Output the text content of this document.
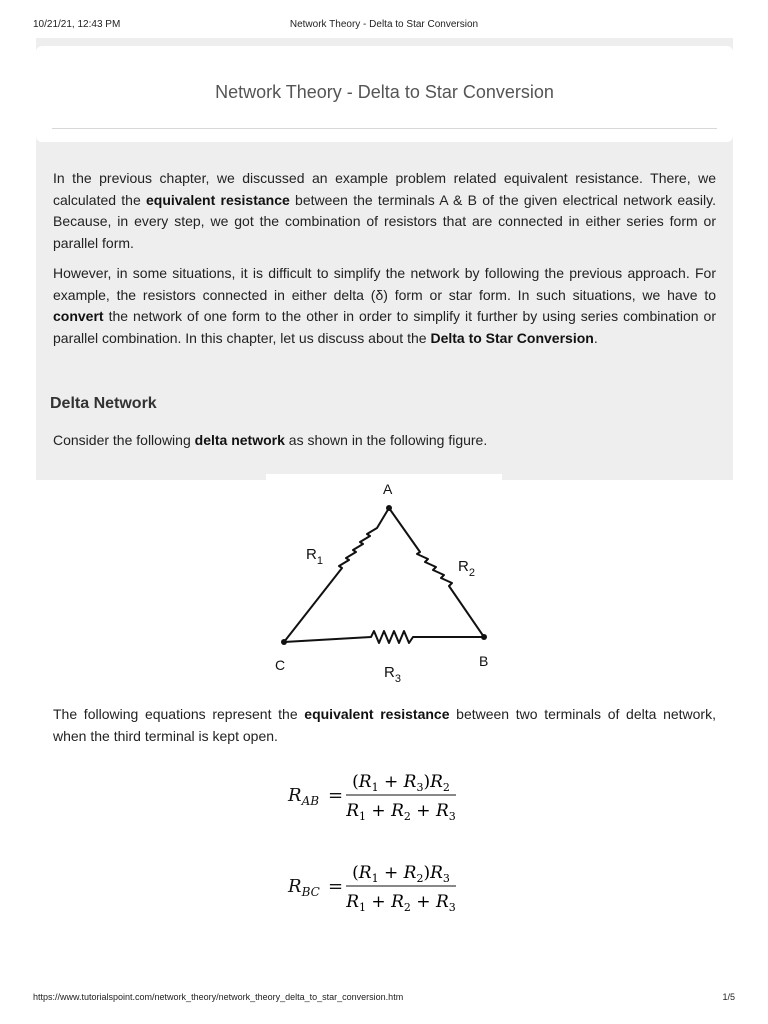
10/21/21, 12:43 PM	Network Theory - Delta to Star Conversion
Network Theory - Delta to Star Conversion

In the previous chapter, we discussed an example problem related equivalent resistance. There, we calculated the equivalent resistance between the terminals A & B of the given electrical network easily. Because, in every step, we got the combination of resistors that are connected in either series form or parallel form.

However, in some situations, it is difficult to simplify the network by following the previous approach. For example, the resistors connected in either delta (δ) form or star form. In such situations, we have to convert the network of one form to the other in order to simplify it further by using series combination or parallel combination. In this chapter, let us discuss about the Delta to Star Conversion.

Delta Network

Consider the following delta network as shown in the following figure.

The following equations represent the equivalent resistance between two terminals of delta network, when the third terminal is kept open.

A
B
C
$R_1$	$R_2$
$R_3$
$R_{AB}$ =
$(R_1 + R_3)R_2$
$R_1 + R_2 + R_3$
$R_{BC}$ =
$(R_1 + R_2)R_3$
$R_1 + R_2 + R_3$
https://www.tutorialspoint.com/network_theory/network_theory_delta_to_star_conversion.htm	1/5
